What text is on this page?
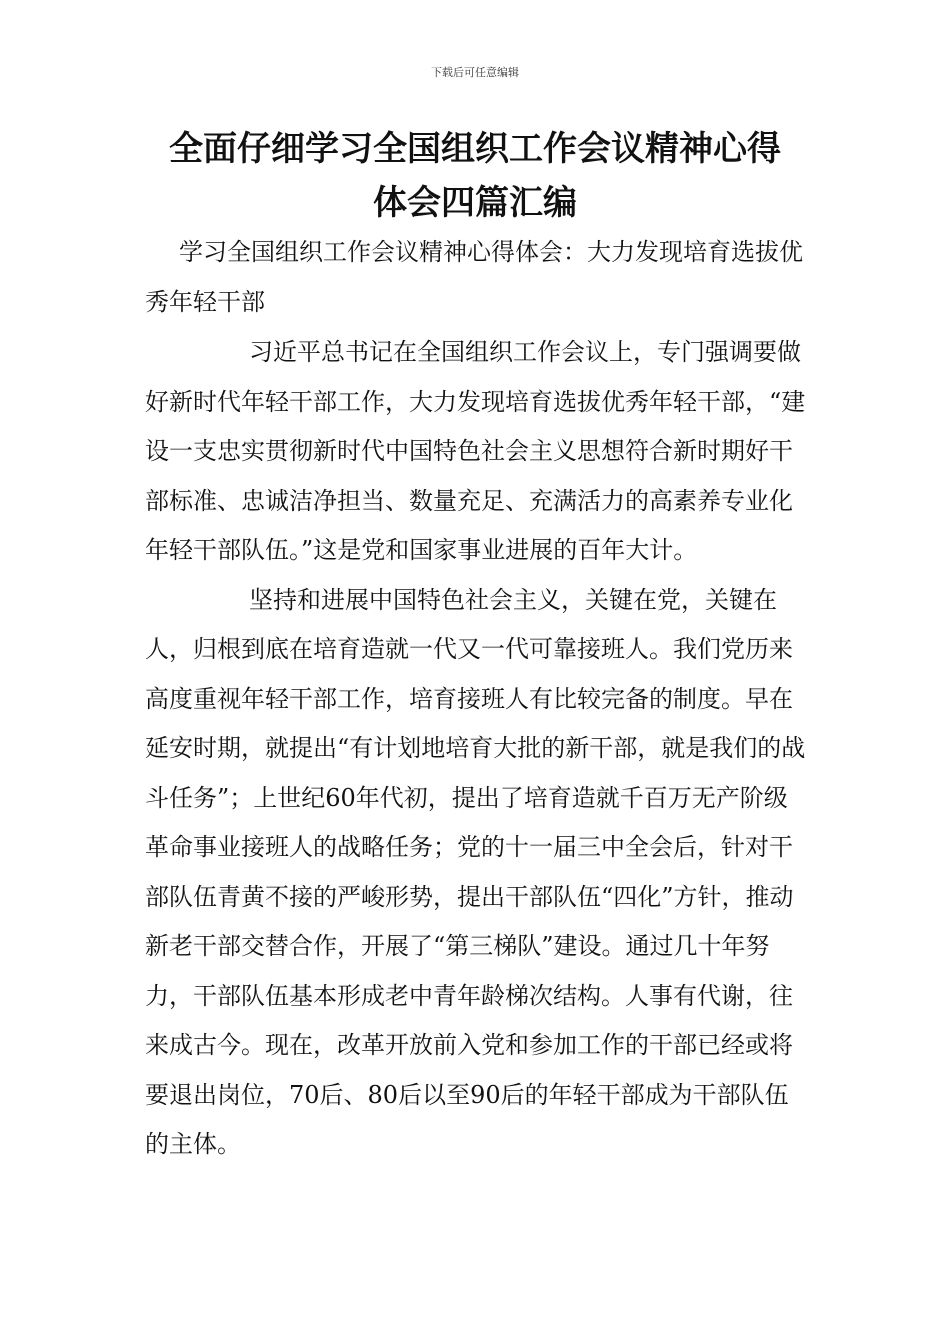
下载后可任意编辑
全面仔细学习全国组织工作会议精神心得
体会四篇汇编

学习全国组织工作会议精神心得体会：大力发现培育选拔优秀年轻干部

习近平总书记在全国组织工作会议上，专门强调要做好新时代年轻干部工作，大力发现培育选拔优秀年轻干部，“建设一支忠实贯彻新时代中国特色社会主义思想符合新时期好干部标准、忠诚洁净担当、数量充足、充满活力的高素养专业化年轻干部队伍。”这是党和国家事业进展的百年大计。

坚持和进展中国特色社会主义，关键在党，关键在人，归根到底在培育造就一代又一代可靠接班人。我们党历来高度重视年轻干部工作，培育接班人有比较完备的制度。早在延安时期，就提出“有计划地培育大批的新干部，就是我们的战斗任务”；上世纪60年代初，提出了培育造就千百万无产阶级革命事业接班人的战略任务；党的十一届三中全会后，针对干部队伍青黄不接的严峻形势，提出干部队伍“四化”方针，推动新老干部交替合作，开展了“第三梯队”建设。通过几十年努力，干部队伍基本形成老中青年龄梯次结构。人事有代谢，往来成古今。现在，改革开放前入党和参加工作的干部已经或将要退出岗位，70后、80后以至90后的年轻干部成为干部队伍的主体。
